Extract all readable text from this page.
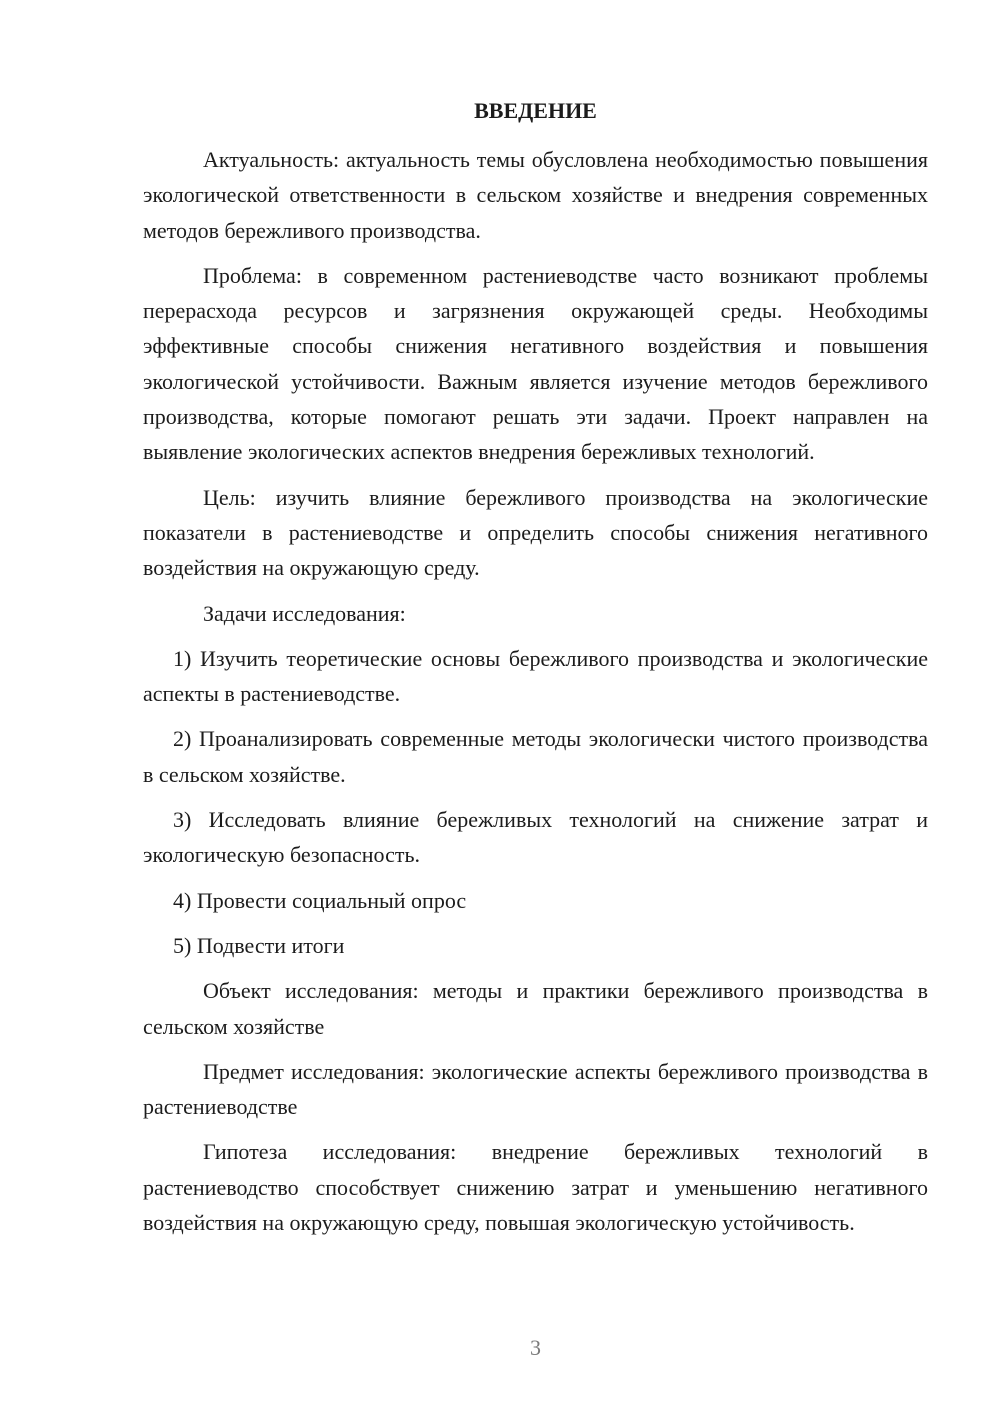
ВВЕДЕНИЕ

Актуальность: актуальность темы обусловлена необходимостью повышения экологической ответственности в сельском хозяйстве и внедрения современных методов бережливого производства.

Проблема: в современном растениеводстве часто возникают проблемы перерасхода ресурсов и загрязнения окружающей среды. Необходимы эффективные способы снижения негативного воздействия и повышения экологической устойчивости. Важным является изучение методов бережливого производства, которые помогают решать эти задачи. Проект направлен на выявление экологических аспектов внедрения бережливых технологий.

Цель: изучить влияние бережливого производства на экологические показатели в растениеводстве и определить способы снижения негативного воздействия на окружающую среду.

Задачи исследования:

1) Изучить теоретические основы бережливого производства и экологические аспекты в растениеводстве.

2) Проанализировать современные методы экологически чистого производства в сельском хозяйстве.

3) Исследовать влияние бережливых технологий на снижение затрат и экологическую безопасность.

4) Провести социальный опрос

5) Подвести итоги

Объект исследования: методы и практики бережливого производства в сельском хозяйстве

Предмет исследования: экологические аспекты бережливого производства в растениеводстве

Гипотеза исследования: внедрение бережливых технологий в растениеводство способствует снижению затрат и уменьшению негативного воздействия на окружающую среду, повышая экологическую устойчивость.

3
